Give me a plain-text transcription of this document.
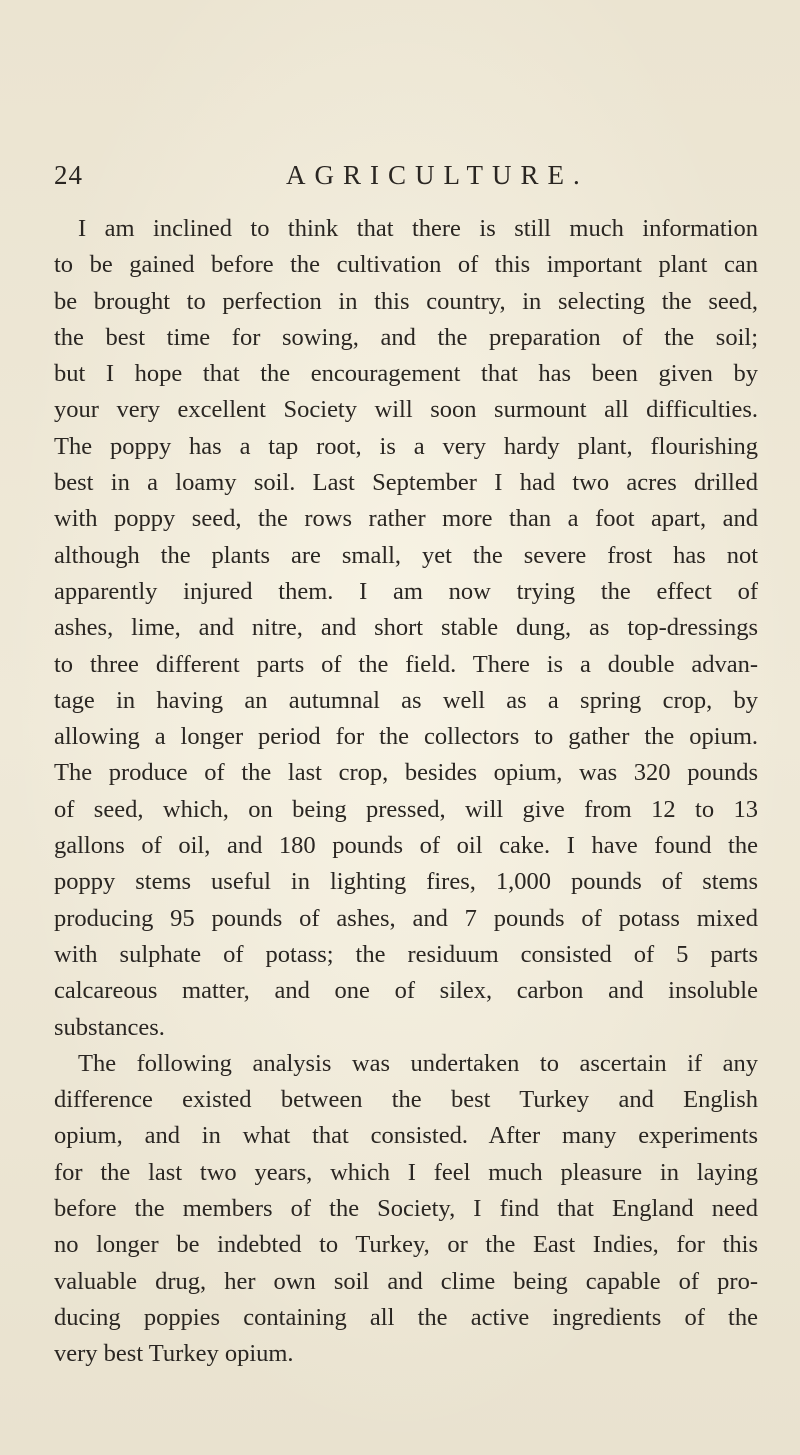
24	AGRICULTURE.
I am inclined to think that there is still much information
to be gained before the cultivation of this important plant can
be brought to perfection in this country, in selecting the seed,
the best time for sowing, and the preparation of the soil;
but I hope that the encouragement that has been given by
your very excellent Society will soon surmount all difficulties.
The poppy has a tap root, is a very hardy plant, flourishing
best in a loamy soil. Last September I had two acres drilled
with poppy seed, the rows rather more than a foot apart, and
although the plants are small, yet the severe frost has not
apparently injured them. I am now trying the effect of
ashes, lime, and nitre, and short stable dung, as top-dressings
to three different parts of the field. There is a double advan-
tage in having an autumnal as well as a spring crop, by
allowing a longer period for the collectors to gather the opium.
The produce of the last crop, besides opium, was 320 pounds
of seed, which, on being pressed, will give from 12 to 13
gallons of oil, and 180 pounds of oil cake. I have found the
poppy stems useful in lighting fires, 1,000 pounds of stems
producing 95 pounds of ashes, and 7 pounds of potass mixed
with sulphate of potass; the residuum consisted of 5 parts
calcareous matter, and one of silex, carbon and insoluble
substances.
The following analysis was undertaken to ascertain if any
difference existed between the best Turkey and English
opium, and in what that consisted. After many experiments
for the last two years, which I feel much pleasure in laying
before the members of the Society, I find that England need
no longer be indebted to Turkey, or the East Indies, for this
valuable drug, her own soil and clime being capable of pro-
ducing poppies containing all the active ingredients of the
very best Turkey opium.
